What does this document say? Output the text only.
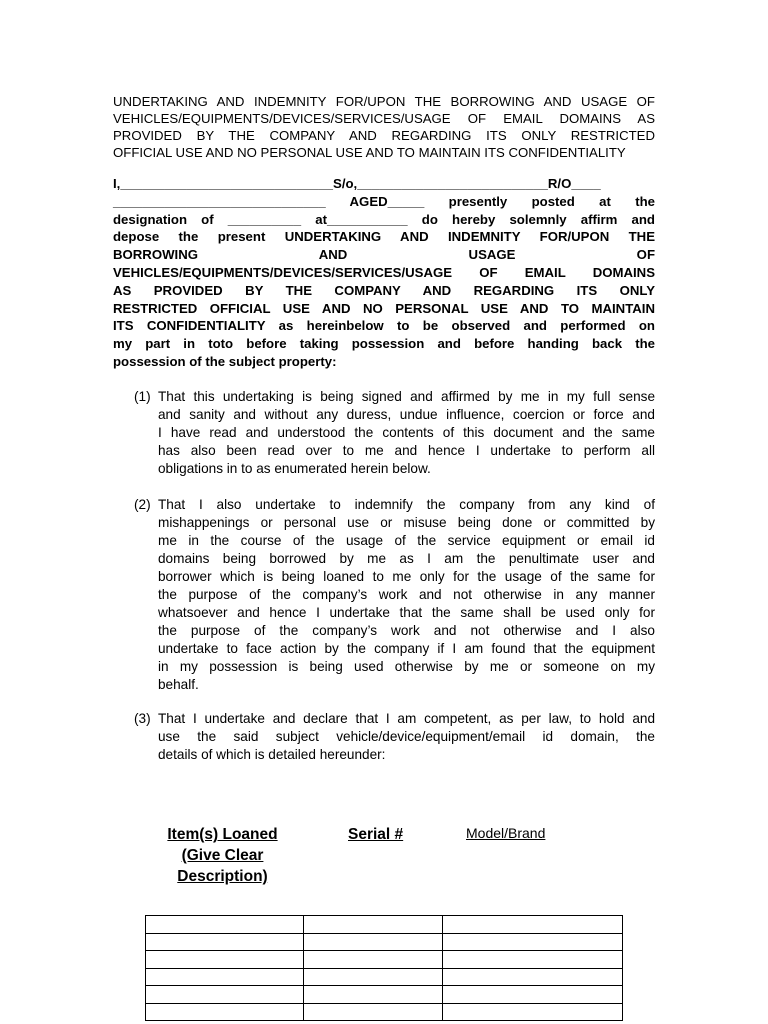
UNDERTAKING AND INDEMNITY FOR/UPON THE BORROWING AND USAGE OF
VEHICLES/EQUIPMENTS/DEVICES/SERVICES/USAGE OF EMAIL DOMAINS AS
PROVIDED BY THE COMPANY AND REGARDING ITS ONLY RESTRICTED
OFFICIAL USE AND NO PERSONAL USE AND TO MAINTAIN ITS CONFIDENTIALITY
I,_____________________________S/o,__________________________R/O____
_____________________________ AGED_____ presently posted at the
designation of __________ at___________ do hereby solemnly affirm and
depose the present UNDERTAKING AND INDEMNITY FOR/UPON THE
BORROWING AND USAGE OF
VEHICLES/EQUIPMENTS/DEVICES/SERVICES/USAGE OF EMAIL DOMAINS
AS PROVIDED BY THE COMPANY AND REGARDING ITS ONLY
RESTRICTED OFFICIAL USE AND NO PERSONAL USE AND TO MAINTAIN
ITS CONFIDENTIALITY as hereinbelow to be observed and performed on
my part in toto before taking possession and before handing back the
possession of the subject property:
(1) That this undertaking is being signed and affirmed by me in my full sense
and sanity and without any duress, undue influence, coercion or force and
I have read and understood the contents of this document and the same
has also been read over to me and hence I undertake to perform all
obligations in to as enumerated herein below.
(2) That I also undertake to indemnify the company from any kind of
mishappenings or personal use or misuse being done or committed by
me in the course of the usage of the service equipment or email id
domains being borrowed by me as I am the penultimate user and
borrower which is being loaned to me only for the usage of the same for
the purpose of the company’s work and not otherwise in any manner
whatsoever and hence I undertake that the same shall be used only for
the purpose of the company’s work and not otherwise and I also
undertake to face action by the company if I am found that the equipment
in my possession is being used otherwise by me or someone on my
behalf.
(3) That I undertake and declare that I am competent, as per law, to hold and
use the said subject vehicle/device/equipment/email id domain, the
details of which is detailed hereunder:
Item(s) Loaned
(Give Clear
Description)
Serial #	Model/Brand
